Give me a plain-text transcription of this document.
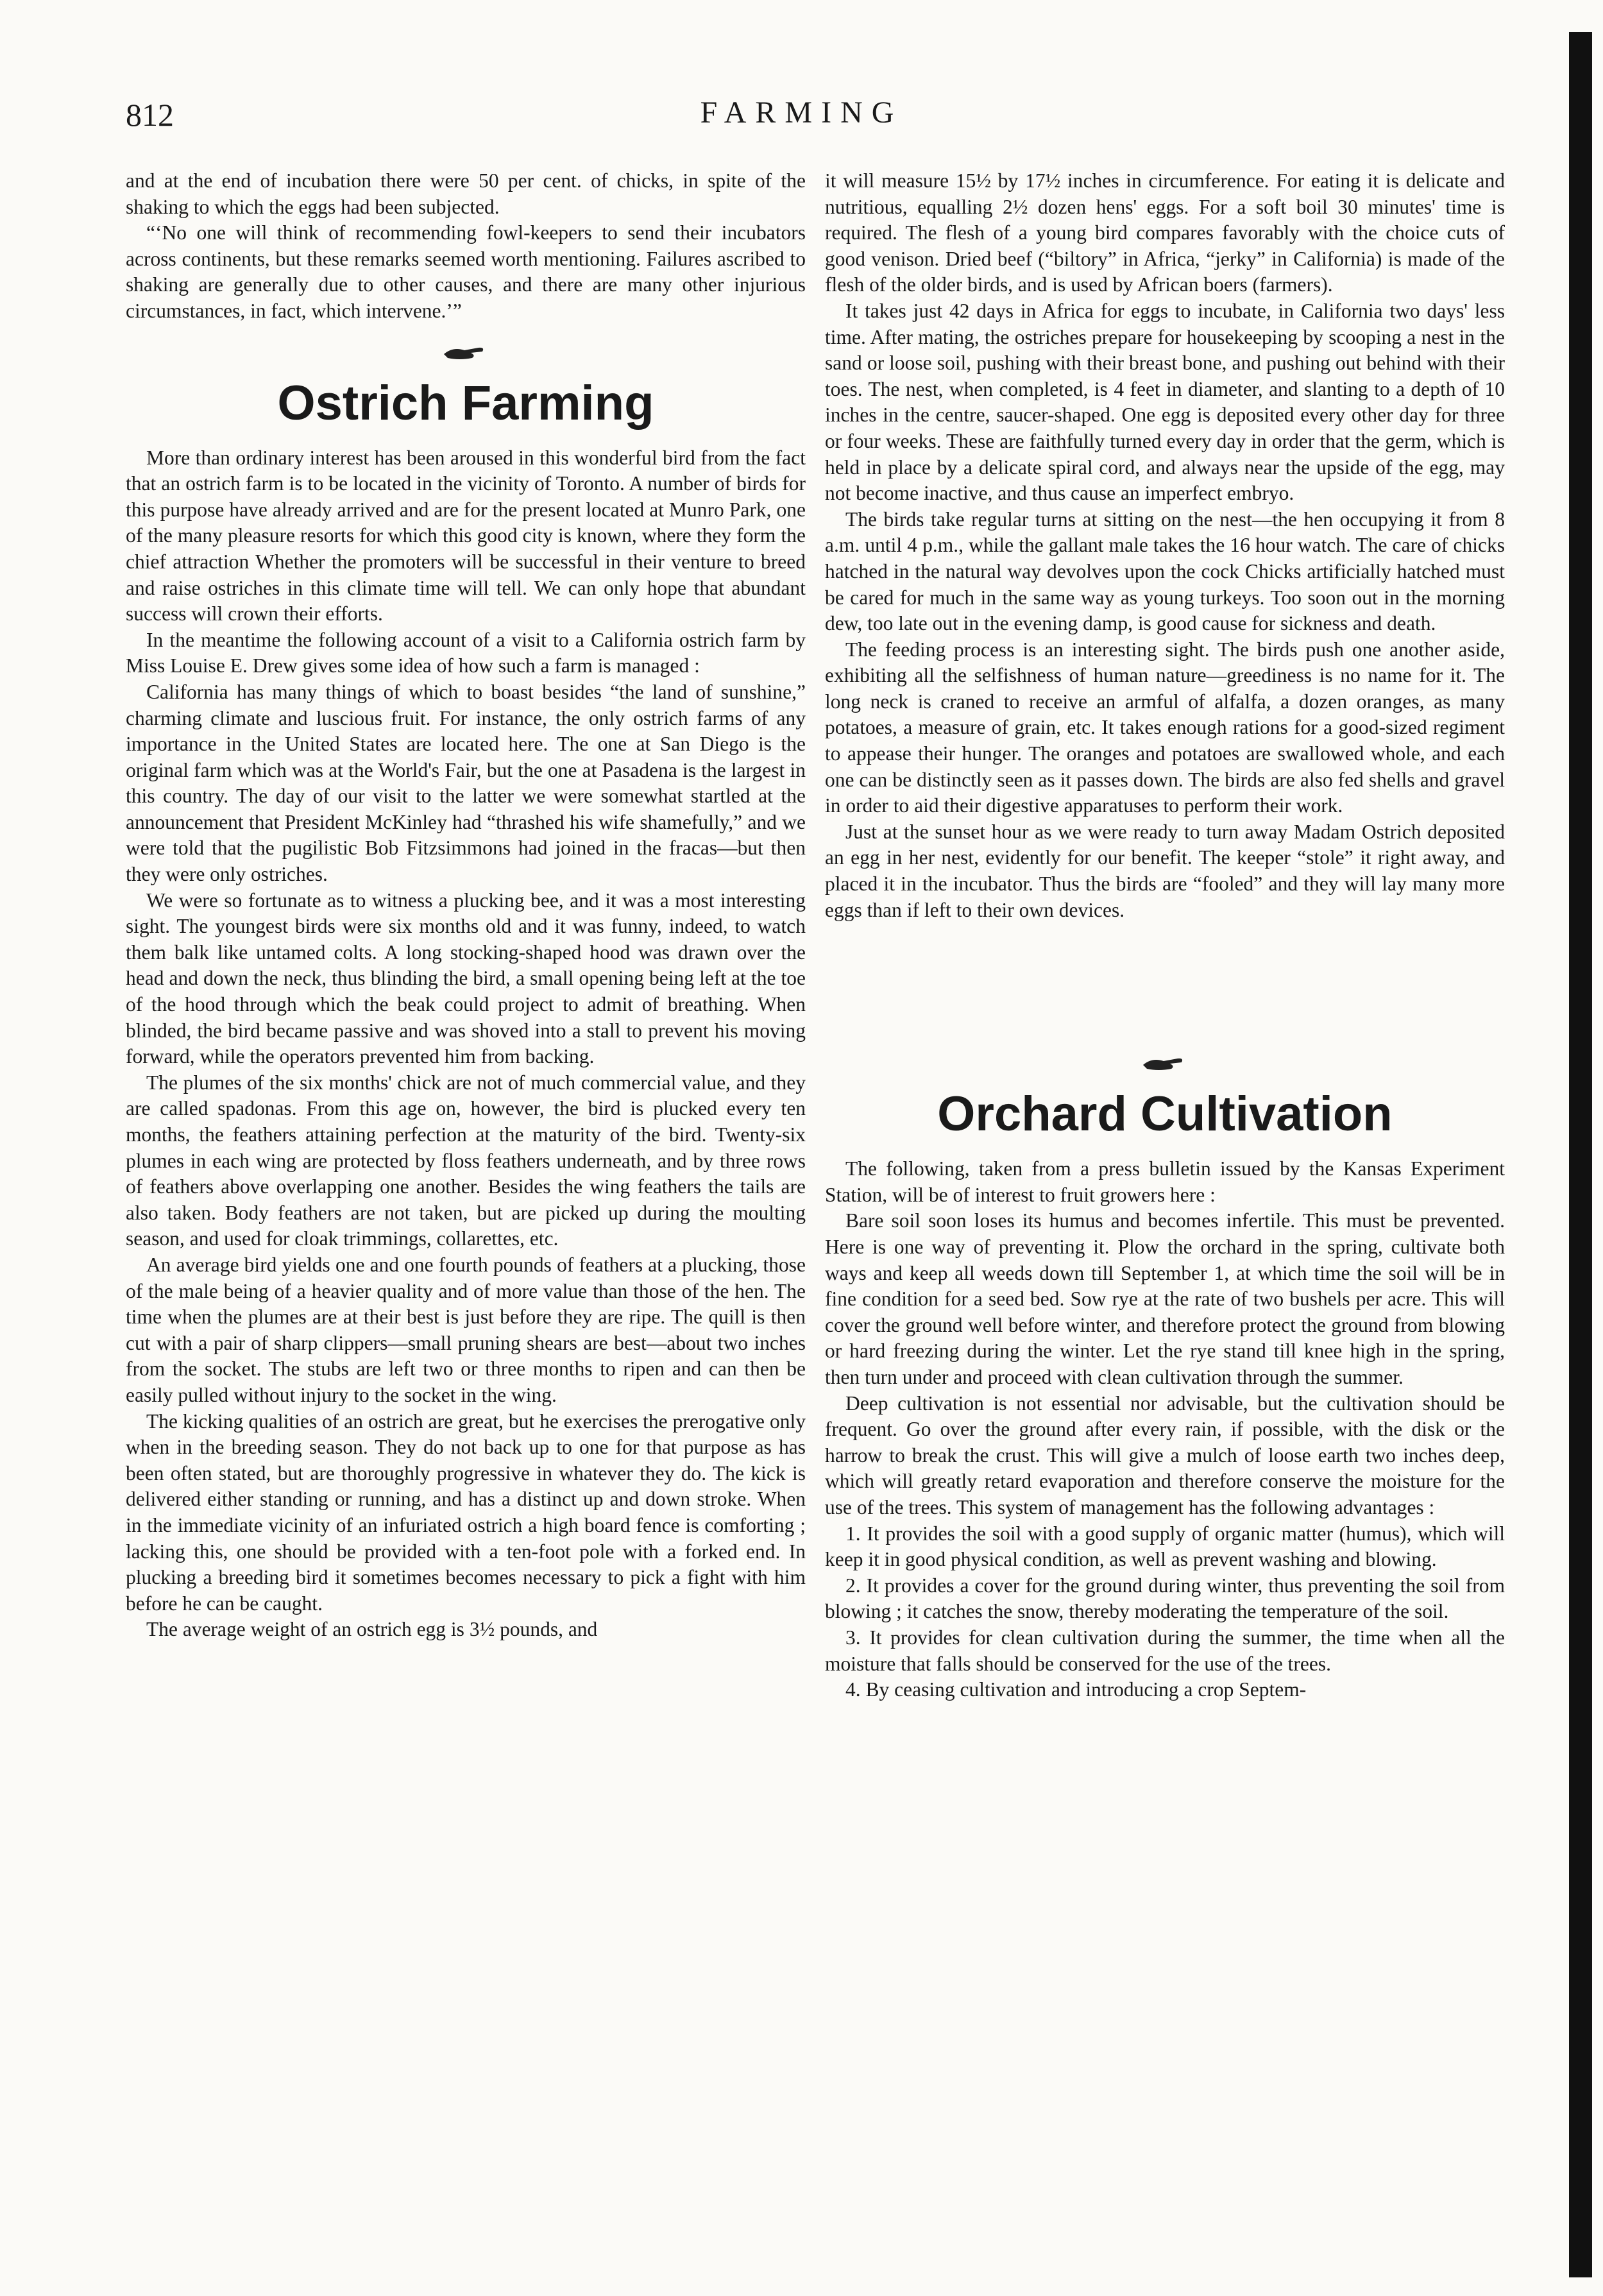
812	FARMING

and at the end of incubation there were 50 per cent. of chicks, in spite of the shaking to which the eggs had been subjected.

“‘No one will think of recommending fowl-keepers to send their incubators across continents, but these remarks seemed worth mentioning. Failures ascribed to shaking are generally due to other causes, and there are many other injurious circumstances, in fact, which intervene.’”

Ostrich Farming

More than ordinary interest has been aroused in this wonderful bird from the fact that an ostrich farm is to be located in the vicinity of Toronto. A number of birds for this purpose have already arrived and are for the present located at Munro Park, one of the many pleasure resorts for which this good city is known, where they form the chief attraction Whether the promoters will be successful in their venture to breed and raise ostriches in this climate time will tell. We can only hope that abundant success will crown their efforts.

In the meantime the following account of a visit to a California ostrich farm by Miss Louise E. Drew gives some idea of how such a farm is managed :

California has many things of which to boast besides “the land of sunshine,” charming climate and luscious fruit. For instance, the only ostrich farms of any importance in the United States are located here. The one at San Diego is the original farm which was at the World's Fair, but the one at Pasadena is the largest in this country. The day of our visit to the latter we were somewhat startled at the announcement that President McKinley had “thrashed his wife shamefully,” and we were told that the pugilistic Bob Fitzsimmons had joined in the fracas—but then they were only ostriches.

We were so fortunate as to witness a plucking bee, and it was a most interesting sight. The youngest birds were six months old and it was funny, indeed, to watch them balk like untamed colts. A long stocking-shaped hood was drawn over the head and down the neck, thus blinding the bird, a small opening being left at the toe of the hood through which the beak could project to admit of breathing. When blinded, the bird became passive and was shoved into a stall to prevent his moving forward, while the operators prevented him from backing.

The plumes of the six months' chick are not of much commercial value, and they are called spadonas. From this age on, however, the bird is plucked every ten months, the feathers attaining perfection at the maturity of the bird. Twenty-six plumes in each wing are protected by floss feathers underneath, and by three rows of feathers above overlapping one another. Besides the wing feathers the tails are also taken. Body feathers are not taken, but are picked up during the moulting season, and used for cloak trimmings, collarettes, etc.

An average bird yields one and one fourth pounds of feathers at a plucking, those of the male being of a heavier quality and of more value than those of the hen. The time when the plumes are at their best is just before they are ripe. The quill is then cut with a pair of sharp clippers—small pruning shears are best—about two inches from the socket. The stubs are left two or three months to ripen and can then be easily pulled without injury to the socket in the wing.

The kicking qualities of an ostrich are great, but he exercises the prerogative only when in the breeding season. They do not back up to one for that purpose as has been often stated, but are thoroughly progressive in whatever they do. The kick is delivered either standing or running, and has a distinct up and down stroke. When in the immediate vicinity of an infuriated ostrich a high board fence is comforting ; lacking this, one should be provided with a ten-foot pole with a forked end. In plucking a breeding bird it sometimes becomes necessary to pick a fight with him before he can be caught.

The average weight of an ostrich egg is 3½ pounds, and

it will measure 15½ by 17½ inches in circumference. For eating it is delicate and nutritious, equalling 2½ dozen hens' eggs. For a soft boil 30 minutes' time is required. The flesh of a young bird compares favorably with the choice cuts of good venison. Dried beef (“biltory” in Africa, “jerky” in California) is made of the flesh of the older birds, and is used by African boers (farmers).

It takes just 42 days in Africa for eggs to incubate, in California two days' less time. After mating, the ostriches prepare for housekeeping by scooping a nest in the sand or loose soil, pushing with their breast bone, and pushing out behind with their toes. The nest, when completed, is 4 feet in diameter, and slanting to a depth of 10 inches in the centre, saucer-shaped. One egg is deposited every other day for three or four weeks. These are faithfully turned every day in order that the germ, which is held in place by a delicate spiral cord, and always near the upside of the egg, may not become inactive, and thus cause an imperfect embryo.

The birds take regular turns at sitting on the nest—the hen occupying it from 8 a.m. until 4 p.m., while the gallant male takes the 16 hour watch. The care of chicks hatched in the natural way devolves upon the cock Chicks artificially hatched must be cared for much in the same way as young turkeys. Too soon out in the morning dew, too late out in the evening damp, is good cause for sickness and death.

The feeding process is an interesting sight. The birds push one another aside, exhibiting all the selfishness of human nature—greediness is no name for it. The long neck is craned to receive an armful of alfalfa, a dozen oranges, as many potatoes, a measure of grain, etc. It takes enough rations for a good-sized regiment to appease their hunger. The oranges and potatoes are swallowed whole, and each one can be distinctly seen as it passes down. The birds are also fed shells and gravel in order to aid their digestive apparatuses to perform their work.

Just at the sunset hour as we were ready to turn away Madam Ostrich deposited an egg in her nest, evidently for our benefit. The keeper “stole” it right away, and placed it in the incubator. Thus the birds are “fooled” and they will lay many more eggs than if left to their own devices.

Orchard Cultivation

The following, taken from a press bulletin issued by the Kansas Experiment Station, will be of interest to fruit growers here :

Bare soil soon loses its humus and becomes infertile. This must be prevented. Here is one way of preventing it. Plow the orchard in the spring, cultivate both ways and keep all weeds down till September 1, at which time the soil will be in fine condition for a seed bed. Sow rye at the rate of two bushels per acre. This will cover the ground well before winter, and therefore protect the ground from blowing or hard freezing during the winter. Let the rye stand till knee high in the spring, then turn under and proceed with clean cultivation through the summer.

Deep cultivation is not essential nor advisable, but the cultivation should be frequent. Go over the ground after every rain, if possible, with the disk or the harrow to break the crust. This will give a mulch of loose earth two inches deep, which will greatly retard evaporation and therefore conserve the moisture for the use of the trees. This system of management has the following advantages :

1. It provides the soil with a good supply of organic matter (humus), which will keep it in good physical condition, as well as prevent washing and blowing.

2. It provides a cover for the ground during winter, thus preventing the soil from blowing ; it catches the snow, thereby moderating the temperature of the soil.

3. It provides for clean cultivation during the summer, the time when all the moisture that falls should be conserved for the use of the trees.

4. By ceasing cultivation and introducing a crop Septem-
